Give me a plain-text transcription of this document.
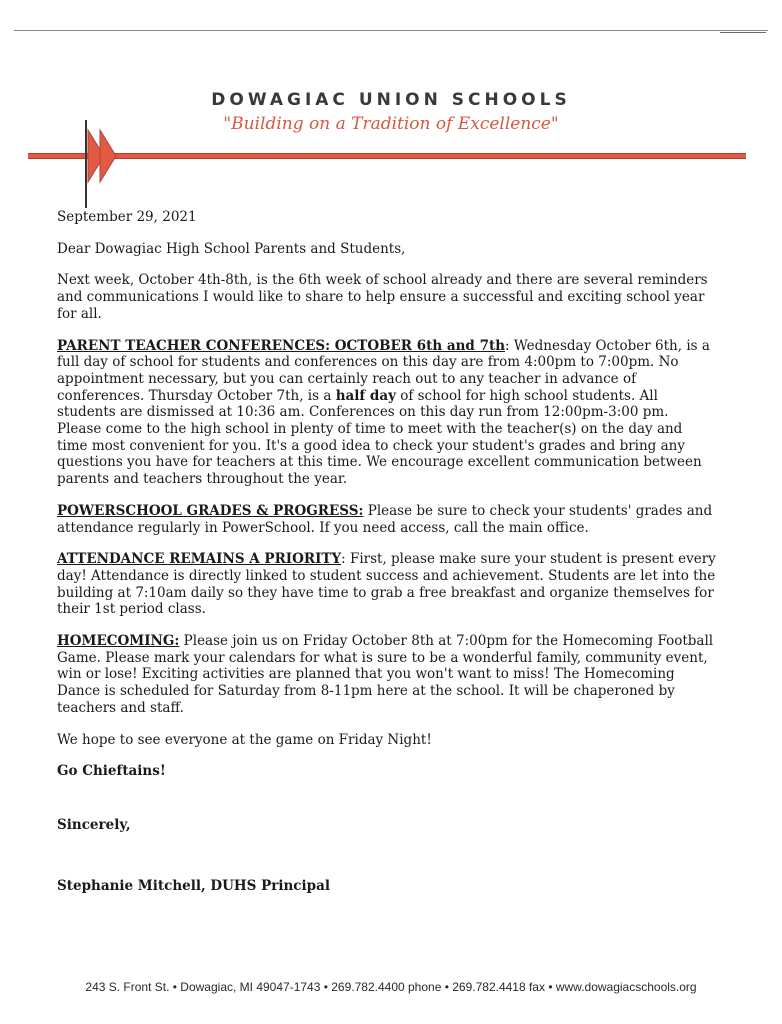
DOWAGIAC UNION SCHOOLS
"Building on a Tradition of Excellence"

September 29, 2021

Dear Dowagiac High School Parents and Students,

Next week, October 4th-8th, is the 6th week of school already and there are several reminders and communications I would like to share to help ensure a successful and exciting school year for all.

PARENT TEACHER CONFERENCES: OCTOBER 6th and 7th: Wednesday October 6th, is a full day of school for students and conferences on this day are from 4:00pm to 7:00pm. No appointment necessary, but you can certainly reach out to any teacher in advance of conferences. Thursday October 7th, is a half day of school for high school students. All students are dismissed at 10:36 am. Conferences on this day run from 12:00pm-3:00 pm. Please come to the high school in plenty of time to meet with the teacher(s) on the day and time most convenient for you. It's a good idea to check your student's grades and bring any questions you have for teachers at this time. We encourage excellent communication between parents and teachers throughout the year.

POWERSCHOOL GRADES & PROGRESS: Please be sure to check your students' grades and attendance regularly in PowerSchool. If you need access, call the main office.

ATTENDANCE REMAINS A PRIORITY: First, please make sure your student is present every day! Attendance is directly linked to student success and achievement. Students are let into the building at 7:10am daily so they have time to grab a free breakfast and organize themselves for their 1st period class.

HOMECOMING: Please join us on Friday October 8th at 7:00pm for the Homecoming Football Game. Please mark your calendars for what is sure to be a wonderful family, community event, win or lose! Exciting activities are planned that you won't want to miss! The Homecoming Dance is scheduled for Saturday from 8-11pm here at the school. It will be chaperoned by teachers and staff.

We hope to see everyone at the game on Friday Night!

Go Chieftains!

Sincerely,

Stephanie Mitchell, DUHS Principal

243 S. Front St. • Dowagiac, MI 49047-1743 • 269.782.4400 phone • 269.782.4418 fax • www.dowagiacschools.org
